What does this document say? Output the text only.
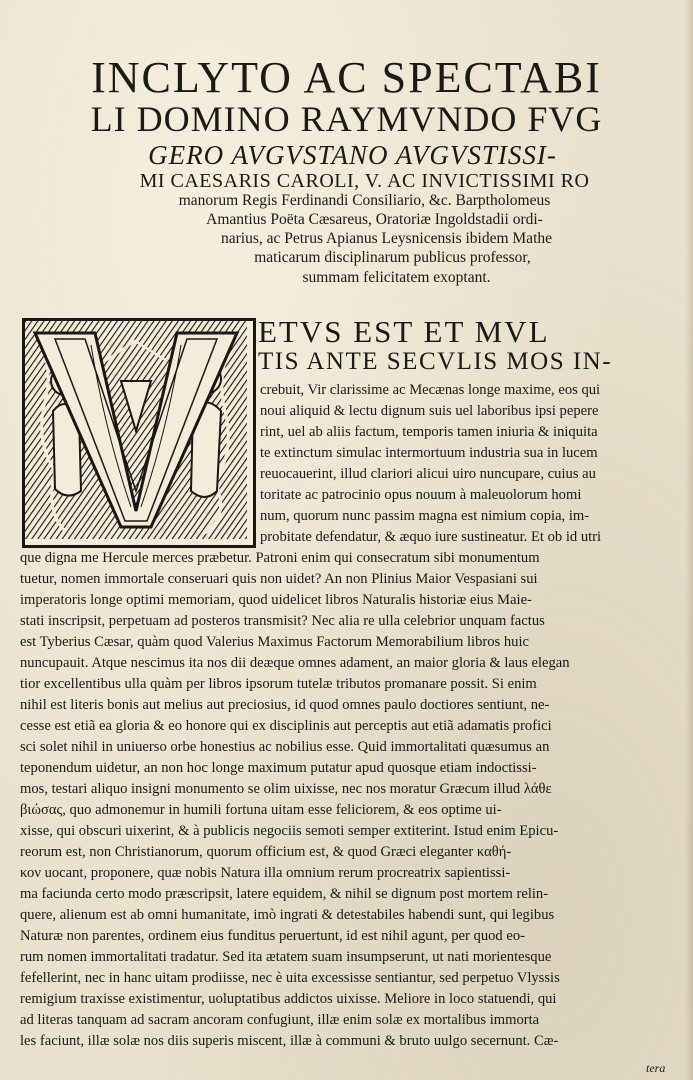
INCLYTO AC SPECTABI
LI DOMINO RAYMVNDO FVG
GERO AVGVSTANO AVGVSTISSI-
MI CAESARIS CAROLI, V. AC INVICTISSIMI RO
manorum Regis Ferdinandi Consiliario, &c. Barptholomeus
Amantius Poëta Cæsareus, Oratoriæ Ingoldstadii ordi-
narius, ac Petrus Apianus Leysnicensis ibidem Mathe
maticarum disciplinarum publicus professor,
summam felicitatem exoptant.
ETVS EST ET MVL
TIS ANTE SECVLIS MOS IN-
crebuit, Vir clarissime ac Mecænas longe maxime, eos qui
noui aliquid & lectu dignum suis uel laboribus ipsi pepere
rint, uel ab aliis factum, temporis tamen iniuria & iniquita
te extinctum simulac intermortuum industria sua in lucem
reuocauerint, illud clariori alicui uiro nuncupare, cuius au
toritate ac patrocinio opus nouum à maleuolorum homi
num, quorum nunc passim magna est nimium copia, im-
probitate defendatur, & æquo iure sustineatur. Et ob id utri
que digna me Hercule merces præbetur. Patroni enim qui consecratum sibi monumentum
tuetur, nomen immortale conseruari quis non uidet? An non Plinius Maior Vespasiani sui
imperatoris longe optimi memoriam, quod uidelicet libros Naturalis historiæ eius Maie-
stati inscripsit, perpetuam ad posteros transmisit? Nec alia re ulla celebrior unquam factus
est Tyberius Cæsar, quàm quod Valerius Maximus Factorum Memorabilium libros huic
nuncupauit. Atque nescimus ita nos dii deæque omnes adament, an maior gloria & laus elegan
tior excellentibus ulla quàm per libros ipsorum tutelæ tributos promanare possit. Si enim
nihil est literis bonis aut melius aut preciosius, id quod omnes paulo doctiores sentiunt, ne-
cesse est etiã ea gloria & eo honore qui ex disciplinis aut perceptis aut etiã adamatis profici
sci solet nihil in uniuerso orbe honestius ac nobilius esse. Quid immortalitati quæsumus an
teponendum uidetur, an non hoc longe maximum putatur apud quosque etiam indoctissi-
mos, testari aliquo insigni monumento se olim uixisse, nec nos moratur Græcum illud λάθε
βιώσας, quo admonemur in humili fortuna uitam esse feliciorem, & eos optime ui-
xisse, qui obscuri uixerint, & à publicis negociis semoti semper extiterint. Istud enim Epicu-
reorum est, non Christianorum, quorum officium est, & quod Græci eleganter καθή-
κον uocant, proponere, quæ nobis Natura illa omnium rerum procreatrix sapientissi-
ma faciunda certo modo præscripsit, latere equidem, & nihil se dignum post mortem relin-
quere, alienum est ab omni humanitate, imò ingrati & detestabiles habendi sunt, qui legibus
Naturæ non parentes, ordinem eius funditus peruertunt, id est nihil agunt, per quod eo-
rum nomen immortalitati tradatur. Sed ita ætatem suam insumpserunt, ut nati morientesque
fefellerint, nec in hanc uitam prodiisse, nec è uita excessisse sentiantur, sed perpetuo Vlyssis
remigium traxisse existimentur, uoluptatibus addictos uixisse. Meliore in loco statuendi, qui
ad literas tanquam ad sacram ancoram confugiunt, illæ enim solæ ex mortalibus immorta
les faciunt, illæ solæ nos diis superis miscent, illæ à communi & bruto uulgo secernunt. Cæ-
tera
